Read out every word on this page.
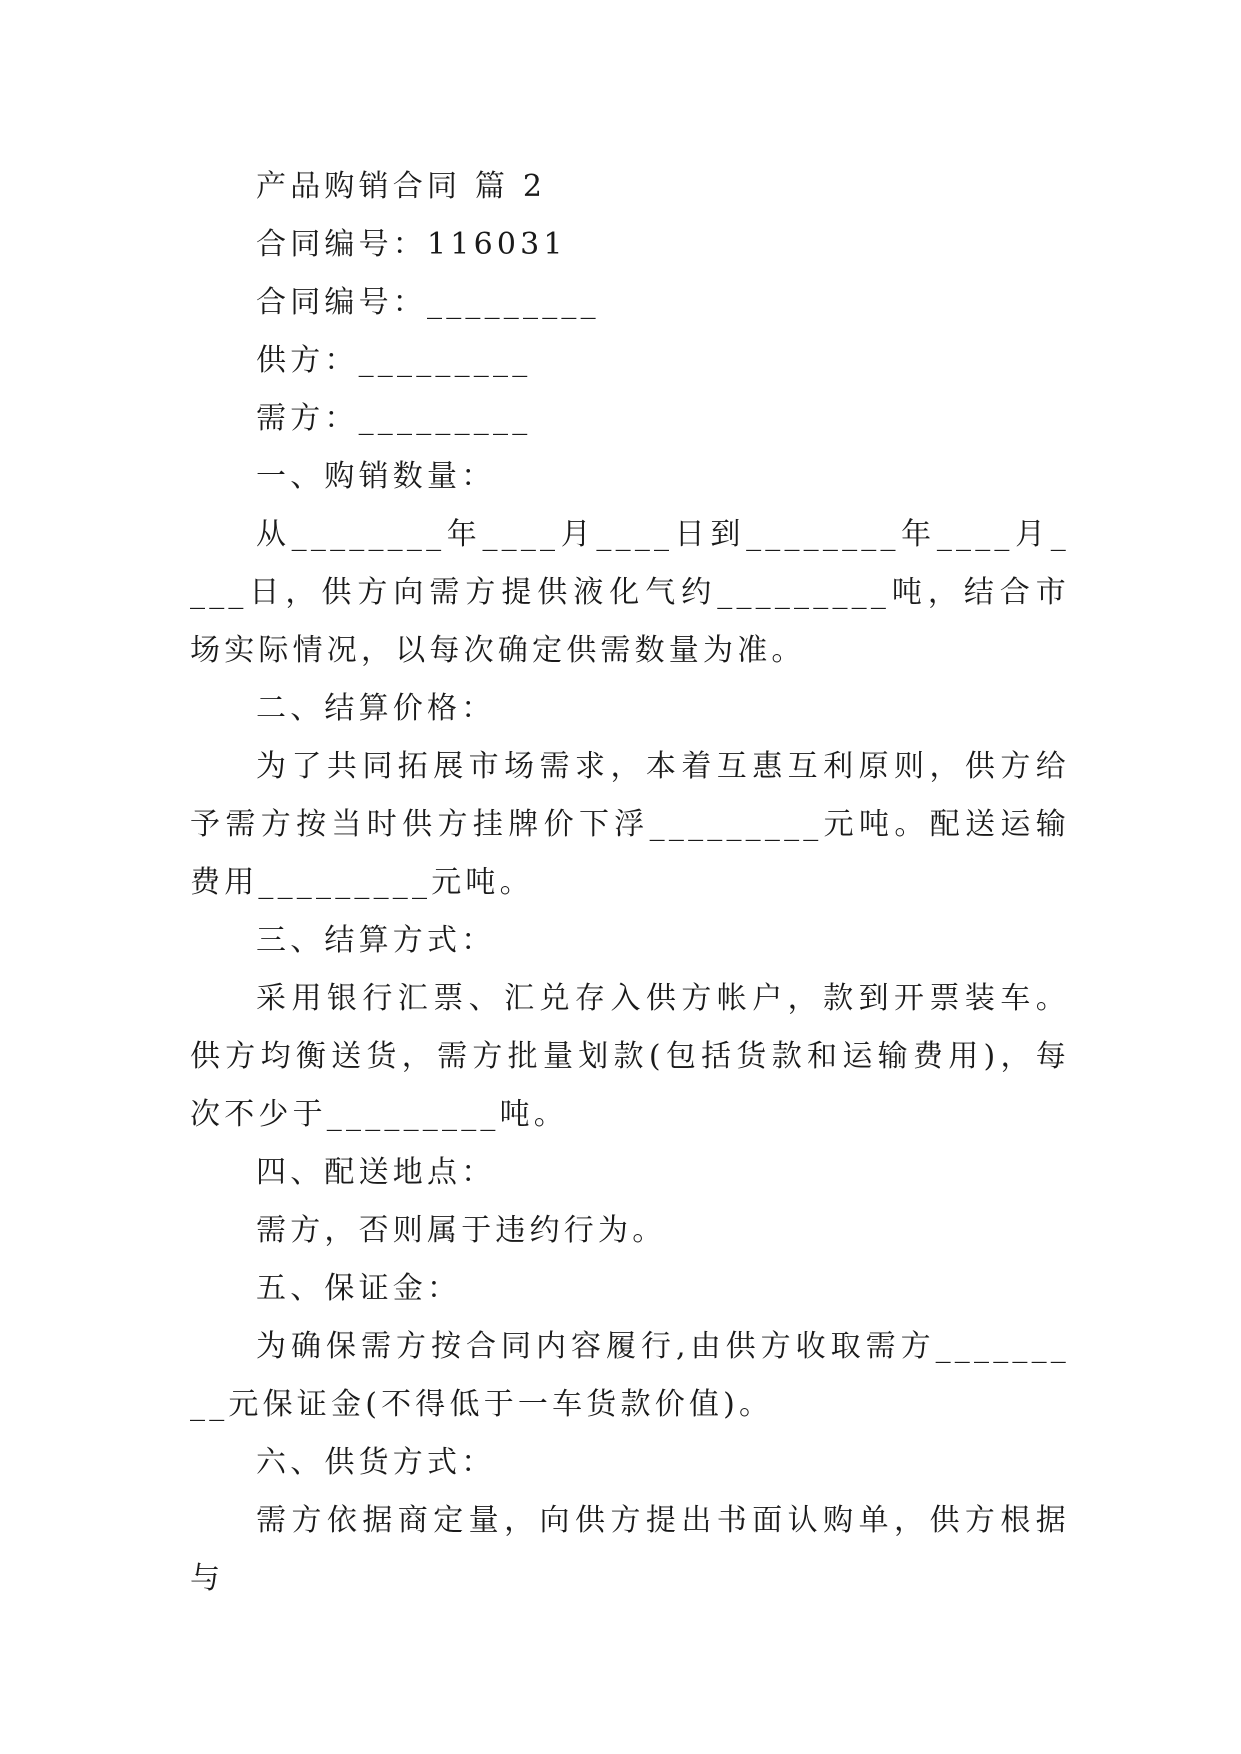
产品购销合同 篇 2

合同编号：116031

合同编号：_________

供方：_________

需方：_________

一、购销数量：

从________年____月____日到________年____月____日，供方向需方提供液化气约_________吨，结合市场实际情况，以每次确定供需数量为准。

二、结算价格：

为了共同拓展市场需求，本着互惠互利原则，供方给予需方按当时供方挂牌价下浮_________元吨。配送运输费用_________元吨。

三、结算方式：

采用银行汇票、汇兑存入供方帐户，款到开票装车。供方均衡送货，需方批量划款(包括货款和运输费用)，每次不少于_________吨。

四、配送地点：

需方，否则属于违约行为。

五、保证金：

为确保需方按合同内容履行,由供方收取需方_________元保证金(不得低于一车货款价值)。

六、供货方式：

需方依据商定量，向供方提出书面认购单，供方根据与
